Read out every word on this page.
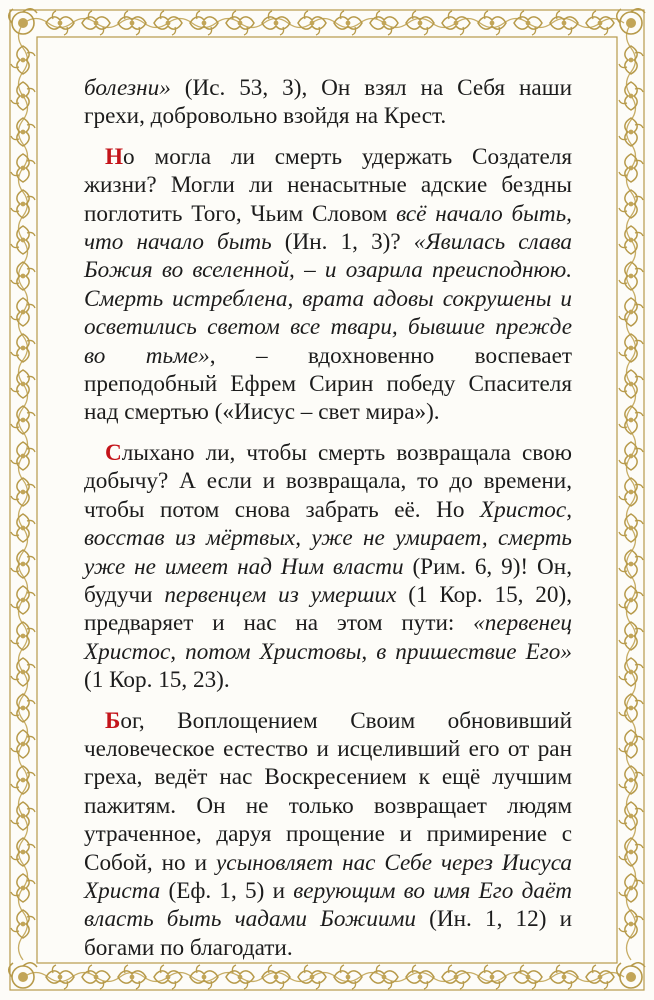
болезни» (Ис. 53, 3), Он взял на Себя наши грехи, добровольно взойдя на Крест.

Но могла ли смерть удержать Создателя жизни? Могли ли ненасытные адские бездны поглотить Того, Чьим Словом всё начало быть, что начало быть (Ин. 1, 3)? «Явилась слава Божия во вселенной, – и озарила преисподнюю. Смерть истреблена, врата адовы сокрушены и осветились светом все твари, бывшие прежде во тьме», – вдохновенно воспевает преподобный Ефрем Сирин победу Спасителя над смертью («Иисус – свет мира»).

Слыхано ли, чтобы смерть возвращала свою добычу? А если и возвращала, то до времени, чтобы потом снова забрать её. Но Христос, восстав из мёртвых, уже не умирает, смерть уже не имеет над Ним власти (Рим. 6, 9)! Он, будучи первенцем из умерших (1 Кор. 15, 20), предваряет и нас на этом пути: «первенец Христос, потом Христовы, в пришествие Его» (1 Кор. 15, 23).

Бог, Воплощением Своим обновивший человеческое естество и исцеливший его от ран греха, ведёт нас Воскресением к ещё лучшим пажитям. Он не только возвращает людям утраченное, даруя прощение и примирение с Собой, но и усыновляет нас Себе через Иисуса Христа (Еф. 1, 5) и верующим во имя Его даёт власть быть чадами Божиими (Ин. 1, 12) и богами по благодати.
